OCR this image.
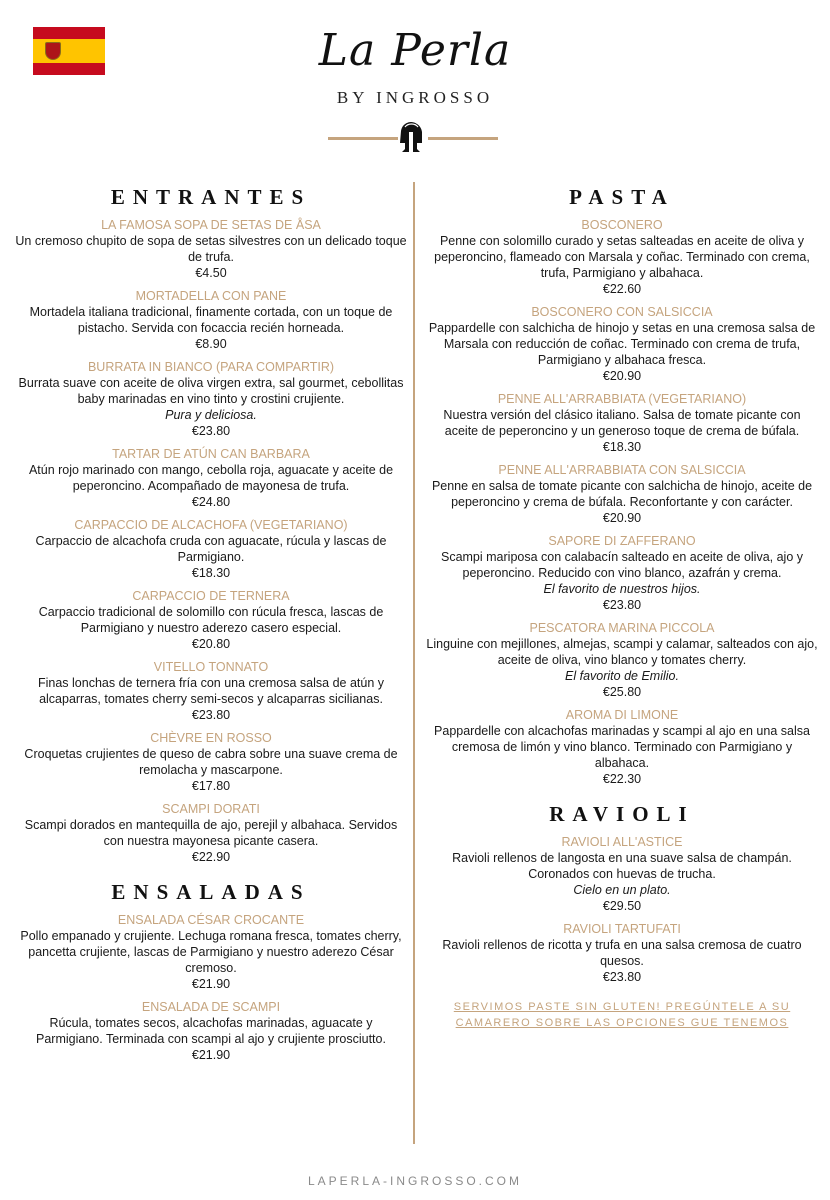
La Perla
BY INGROSSO
ENTRANTES
LA FAMOSA SOPA DE SETAS DE ÅSA
Un cremoso chupito de sopa de setas silvestres con un delicado toque de trufa.
€4.50
MORTADELLA CON PANE
Mortadela italiana tradicional, finamente cortada, con un toque de pistacho. Servida con focaccia recién horneada.
€8.90
BURRATA IN BIANCO (PARA COMPARTIR)
Burrata suave con aceite de oliva virgen extra, sal gourmet, cebollitas baby marinadas en vino tinto y crostini crujiente.
Pura y deliciosa.
€23.80
TARTAR DE ATÚN CAN BARBARA
Atún rojo marinado con mango, cebolla roja, aguacate y aceite de peperoncino. Acompañado de mayonesa de trufa.
€24.80
CARPACCIO DE ALCACHOFA (VEGETARIANO)
Carpaccio de alcachofa cruda con aguacate, rúcula y lascas de Parmigiano.
€18.30
CARPACCIO DE TERNERA
Carpaccio tradicional de solomillo con rúcula fresca, lascas de Parmigiano y nuestro aderezo casero especial.
€20.80
VITELLO TONNATO
Finas lonchas de ternera fría con una cremosa salsa de atún y alcaparras, tomates cherry semi-secos y alcaparras sicilianas.
€23.80
CHÈVRE EN ROSSO
Croquetas crujientes de queso de cabra sobre una suave crema de remolacha y mascarpone.
€17.80
SCAMPI DORATI
Scampi dorados en mantequilla de ajo, perejil y albahaca. Servidos con nuestra mayonesa picante casera.
€22.90
ENSALADAS
ENSALADA CÉSAR CROCANTE
Pollo empanado y crujiente. Lechuga romana fresca, tomates cherry, pancetta crujiente, lascas de Parmigiano y nuestro aderezo César cremoso.
€21.90
ENSALADA DE SCAMPI
Rúcula, tomates secos, alcachofas marinadas, aguacate y Parmigiano. Terminada con scampi al ajo y crujiente prosciutto.
€21.90
PASTA
BOSCONERO
Penne con solomillo curado y setas salteadas en aceite de oliva y peperoncino, flameado con Marsala y coñac. Terminado con crema, trufa, Parmigiano y albahaca.
€22.60
BOSCONERO CON SALSICCIA
Pappardelle con salchicha de hinojo y setas en una cremosa salsa de Marsala con reducción de coñac. Terminado con crema de trufa, Parmigiano y albahaca fresca.
€20.90
PENNE ALL'ARRABBIATA (VEGETARIANO)
Nuestra versión del clásico italiano. Salsa de tomate picante con aceite de peperoncino y un generoso toque de crema de búfala.
€18.30
PENNE ALL'ARRABBIATA CON SALSICCIA
Penne en salsa de tomate picante con salchicha de hinojo, aceite de peperoncino y crema de búfala. Reconfortante y con carácter.
€20.90
SAPORE DI ZAFFERANO
Scampi mariposa con calabacín salteado en aceite de oliva, ajo y peperoncino. Reducido con vino blanco, azafrán y crema.
El favorito de nuestros hijos.
€23.80
PESCATORA MARINA PICCOLA
Linguine con mejillones, almejas, scampi y calamar, salteados con ajo, aceite de oliva, vino blanco y tomates cherry.
El favorito de Emilio.
€25.80
AROMA DI LIMONE
Pappardelle con alcachofas marinadas y scampi al ajo en una salsa cremosa de limón y vino blanco. Terminado con Parmigiano y albahaca.
€22.30
RAVIOLI
RAVIOLI ALL'ASTICE
Ravioli rellenos de langosta en una suave salsa de champán. Coronados con huevas de trucha.
Cielo en un plato.
€29.50
RAVIOLI TARTUFATI
Ravioli rellenos de ricotta y trufa en una salsa cremosa de cuatro quesos.
€23.80
SERVIMOS PASTE SIN GLUTEN! PREGÚNTELE A SU CAMARERO SOBRE LAS OPCIONES GUE TENEMOS
LAPERLA-INGROSSO.COM
